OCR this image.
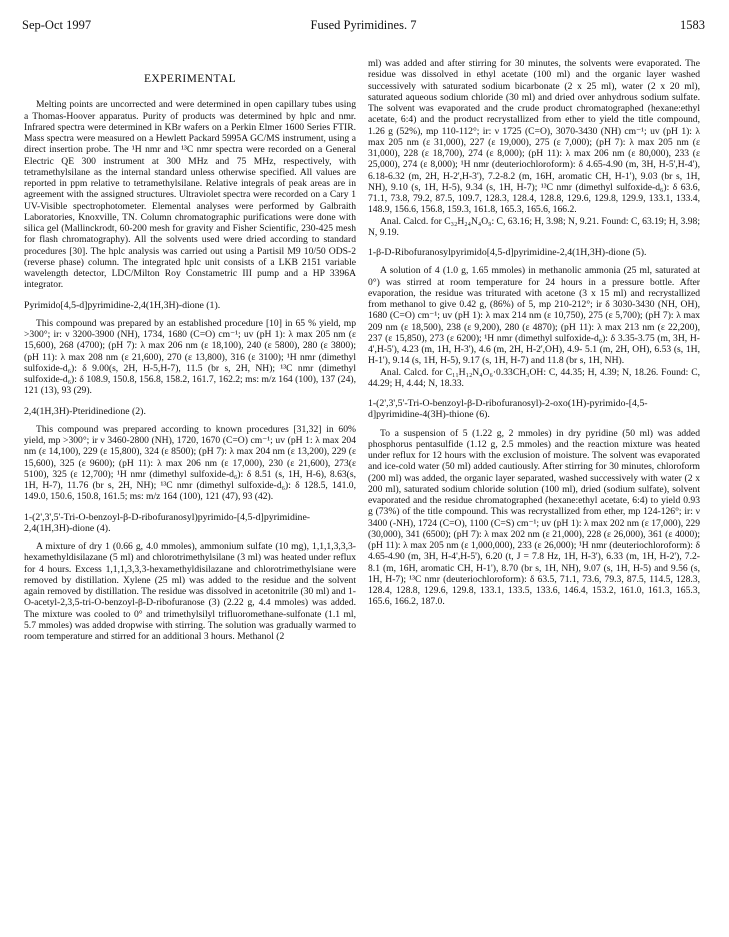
Sep-Oct 1997	Fused Pyrimidines. 7	1583
EXPERIMENTAL

Melting points are uncorrected and were determined in open capillary tubes using a Thomas-Hoover apparatus. Purity of products was determined by hplc and nmr. Infrared spectra were determined in KBr wafers on a Perkin Elmer 1600 Series FTIR. Mass spectra were measured on a Hewlett Packard 5995A GC/MS instrument, using a direct insertion probe. The ¹H nmr and ¹³C nmr spectra were recorded on a General Electric QE 300 instrument at 300 MHz and 75 MHz, respectively, with tetramethylsilane as the internal standard unless otherwise specified. All values are reported in ppm relative to tetramethylsilane. Relative integrals of peak areas are in agreement with the assigned structures. Ultraviolet spectra were recorded on a Cary 1 UV-Visible spectrophotometer. Elemental analyses were performed by Galbraith Laboratories, Knoxville, TN. Column chromatographic purifications were done with silica gel (Mallinckrodt, 60-200 mesh for gravity and Fisher Scientific, 230-425 mesh for flash chromatography). All the solvents used were dried according to standard procedures [30]. The hplc analysis was carried out using a Partisil M9 10/50 ODS-2 (reverse phase) column. The integrated hplc unit consists of a LKB 2151 variable wavelength detector, LDC/Milton Roy Constametric III pump and a HP 3396A integrator.

Pyrimido[4,5-d]pyrimidine-2,4(1H,3H)-dione (1).

This compound was prepared by an established procedure [10] in 65 % yield, mp >300°; ir: ν 3200-3900 (NH), 1734, 1680 (C=O) cm⁻¹; uv (pH 1): λ max 205 nm (ε 15,600), 268 (4700); (pH 7): λ max 206 nm (ε 18,100), 240 (ε 5800), 280 (ε 3800); (pH 11): λ max 208 nm (ε 21,600), 270 (ε 13,800), 316 (ε 3100); ¹H nmr (dimethyl sulfoxide-d₆): δ 9.00(s, 2H, H-5,H-7), 11.5 (br s, 2H, NH); ¹³C nmr (dimethyl sulfoxide-d₆): δ 108.9, 150.8, 156.8, 158.2, 161.7, 162.2; ms: m/z 164 (100), 137 (24), 121 (13), 93 (29).

2,4(1H,3H)-Pteridinedione (2).

This compound was prepared according to known procedures [31,32] in 60% yield, mp >300°; ir ν 3460-2800 (NH), 1720, 1670 (C=O) cm⁻¹; uv (pH 1: λ max 204 nm (ε 14,100), 229 (ε 15,800), 324 (ε 8500); (pH 7): λ max 204 nm (ε 13,200), 229 (ε 15,600), 325 (ε 9600); (pH 11): λ max 206 nm (ε 17,000), 230 (ε 21,600), 273(ε 5100), 325 (ε 12,700); ¹H nmr (dimethyl sulfoxide-d₆): δ 8.51 (s, 1H, H-6), 8.63(s, 1H, H-7), 11.76 (br s, 2H, NH); ¹³C nmr (dimethyl sulfoxide-d₆): δ 128.5, 141.0, 149.0, 150.6, 150.8, 161.5; ms: m/z 164 (100), 121 (47), 93 (42).

1-(2',3',5'-Tri-O-benzoyl-β-D-ribofuranosyl)pyrimido-[4,5-d]pyrimidine-2,4(1H,3H)-dione (4).

A mixture of dry 1 (0.66 g, 4.0 mmoles), ammonium sulfate (10 mg), 1,1,1,3,3,3-hexamethyldisilazane (5 ml) and chlorotrimethylsilane (3 ml) was heated under reflux for 4 hours. Excess 1,1,1,3,3,3-hexamethyldisilazane and chlorotrimethylsiane were removed by distillation. Xylene (25 ml) was added to the residue and the solvent again removed by distillation. The residue was dissolved in acetonitrile (30 ml) and 1-O-acetyl-2,3,5-tri-O-benzoyl-β-D-ribofuranose (3) (2.22 g, 4.4 mmoles) was added. The mixture was cooled to 0° and trimethylsilyl trifluoromethane-sulfonate (1.1 ml, 5.7 mmoles) was added dropwise with stirring. The solution was gradually warmed to room temperature and stirred for an additional 3 hours. Methanol (2

ml) was added and after stirring for 30 minutes, the solvents were evaporated. The residue was dissolved in ethyl acetate (100 ml) and the organic layer washed successively with saturated sodium bicarbonate (2 x 25 ml), water (2 x 20 ml), saturated aqueous sodium chloride (30 ml) and dried over anhydrous sodium sulfate. The solvent was evaporated and the crude product chromatographed (hexane:ethyl acetate, 6:4) and the product recrystallized from ether to yield the title compound, 1.26 g (52%), mp 110-112°; ir: ν 1725 (C=O), 3070-3430 (NH) cm⁻¹; uv (pH 1): λ max 205 nm (ε 31,000), 227 (ε 19,000), 275 (ε 7,000); (pH 7): λ max 205 nm (ε 31,000), 228 (ε 18,700), 274 (ε 8,000); (pH 11): λ max 206 nm (ε 80,000), 233 (ε 25,000), 274 (ε 8,000); ¹H nmr (deuteriochloroform): δ 4.65-4.90 (m, 3H, H-5',H-4'), 6.18-6.32 (m, 2H, H-2',H-3'), 7.2-8.2 (m, 16H, aromatic CH, H-1'), 9.03 (br s, 1H, NH), 9.10 (s, 1H, H-5), 9.34 (s, 1H, H-7); ¹³C nmr (dimethyl sulfoxide-d₆): δ 63.6, 71.1, 73.8, 79.2, 87.5, 109.7, 128.3, 128.4, 128.8, 129.6, 129.8, 129.9, 133.1, 133.4, 148.9, 156.6, 156.8, 159.3, 161.8, 165.3, 165.6, 166.2.

Anal. Calcd. for C₃₂H₂₄N₄O₉: C, 63.16; H, 3.98; N, 9.21. Found: C, 63.19; H, 3.98; N, 9.19.

1-β-D-Ribofuranosylpyrimido[4,5-d]pyrimidine-2,4(1H,3H)-dione (5).

A solution of 4 (1.0 g, 1.65 mmoles) in methanolic ammonia (25 ml, saturated at 0°) was stirred at room temperature for 24 hours in a pressure bottle. After evaporation, the residue was triturated with acetone (3 x 15 ml) and recrystallized from methanol to give 0.42 g, (86%) of 5, mp 210-212°; ir δ 3030-3430 (NH, OH), 1680 (C=O) cm⁻¹; uv (pH 1): λ max 214 nm (ε 10,750), 275 (ε 5,700); (pH 7): λ max 209 nm (ε 18,500), 238 (ε 9,200), 280 (ε 4870); (pH 11): λ max 213 nm (ε 22,200), 237 (ε 15,850), 273 (ε 6200); ¹H nmr (dimethyl sulfoxide-d₆): δ 3.35-3.75 (m, 3H, H-4',H-5'), 4.23 (m, 1H, H-3'), 4.6 (m, 2H, H-2',OH), 4.9- 5.1 (m, 2H, OH), 6.53 (s, 1H, H-1'), 9.14 (s, 1H, H-5), 9.17 (s, 1H, H-7) and 11.8 (br s, 1H, NH).

Anal. Calcd. for C₁₁H₁₂N₄O₆·0.33CH₃OH: C, 44.35; H, 4.39; N, 18.26. Found: C, 44.29; H, 4.44; N, 18.33.

1-(2',3',5'-Tri-O-benzoyl-β-D-ribofuranosyl)-2-oxo(1H)-pyrimido-[4,5-d]pyrimidine-4(3H)-thione (6).

To a suspension of 5 (1.22 g, 2 mmoles) in dry pyridine (50 ml) was added phosphorus pentasulfide (1.12 g, 2.5 mmoles) and the reaction mixture was heated under reflux for 12 hours with the exclusion of moisture. The solvent was evaporated and ice-cold water (50 ml) added cautiously. After stirring for 30 minutes, chloroform (200 ml) was added, the organic layer separated, washed successively with water (2 x 200 ml), saturated sodium chloride solution (100 ml), dried (sodium sulfate), solvent evaporated and the residue chromatographed (hexane:ethyl acetate, 6:4) to yield 0.93 g (73%) of the title compound. This was recrystallized from ether, mp 124-126°; ir: ν 3400 (-NH), 1724 (C=O), 1100 (C=S) cm⁻¹; uv (pH 1): λ max 202 nm (ε 17,000), 229 (30,000), 341 (6500); (pH 7): λ max 202 nm (ε 21,000), 228 (ε 26,000), 361 (ε 4000); (pH 11): λ max 205 nm (ε 1,000,000), 233 (ε 26,000); ¹H nmr (deuteriochloroform): δ 4.65-4.90 (m, 3H, H-4',H-5'), 6.20 (t, J = 7.8 Hz, 1H, H-3'), 6.33 (m, 1H, H-2'), 7.2-8.1 (m, 16H, aromatic CH, H-1'), 8.70 (br s, 1H, NH), 9.07 (s, 1H, H-5) and 9.56 (s, 1H, H-7); ¹³C nmr (deuteriochloroform): δ 63.5, 71.1, 73.6, 79.3, 87.5, 114.5, 128.3, 128.4, 128.8, 129.6, 129.8, 133.1, 133.5, 133.6, 146.4, 153.2, 161.0, 161.3, 165.3, 165.6, 166.2, 187.0.
